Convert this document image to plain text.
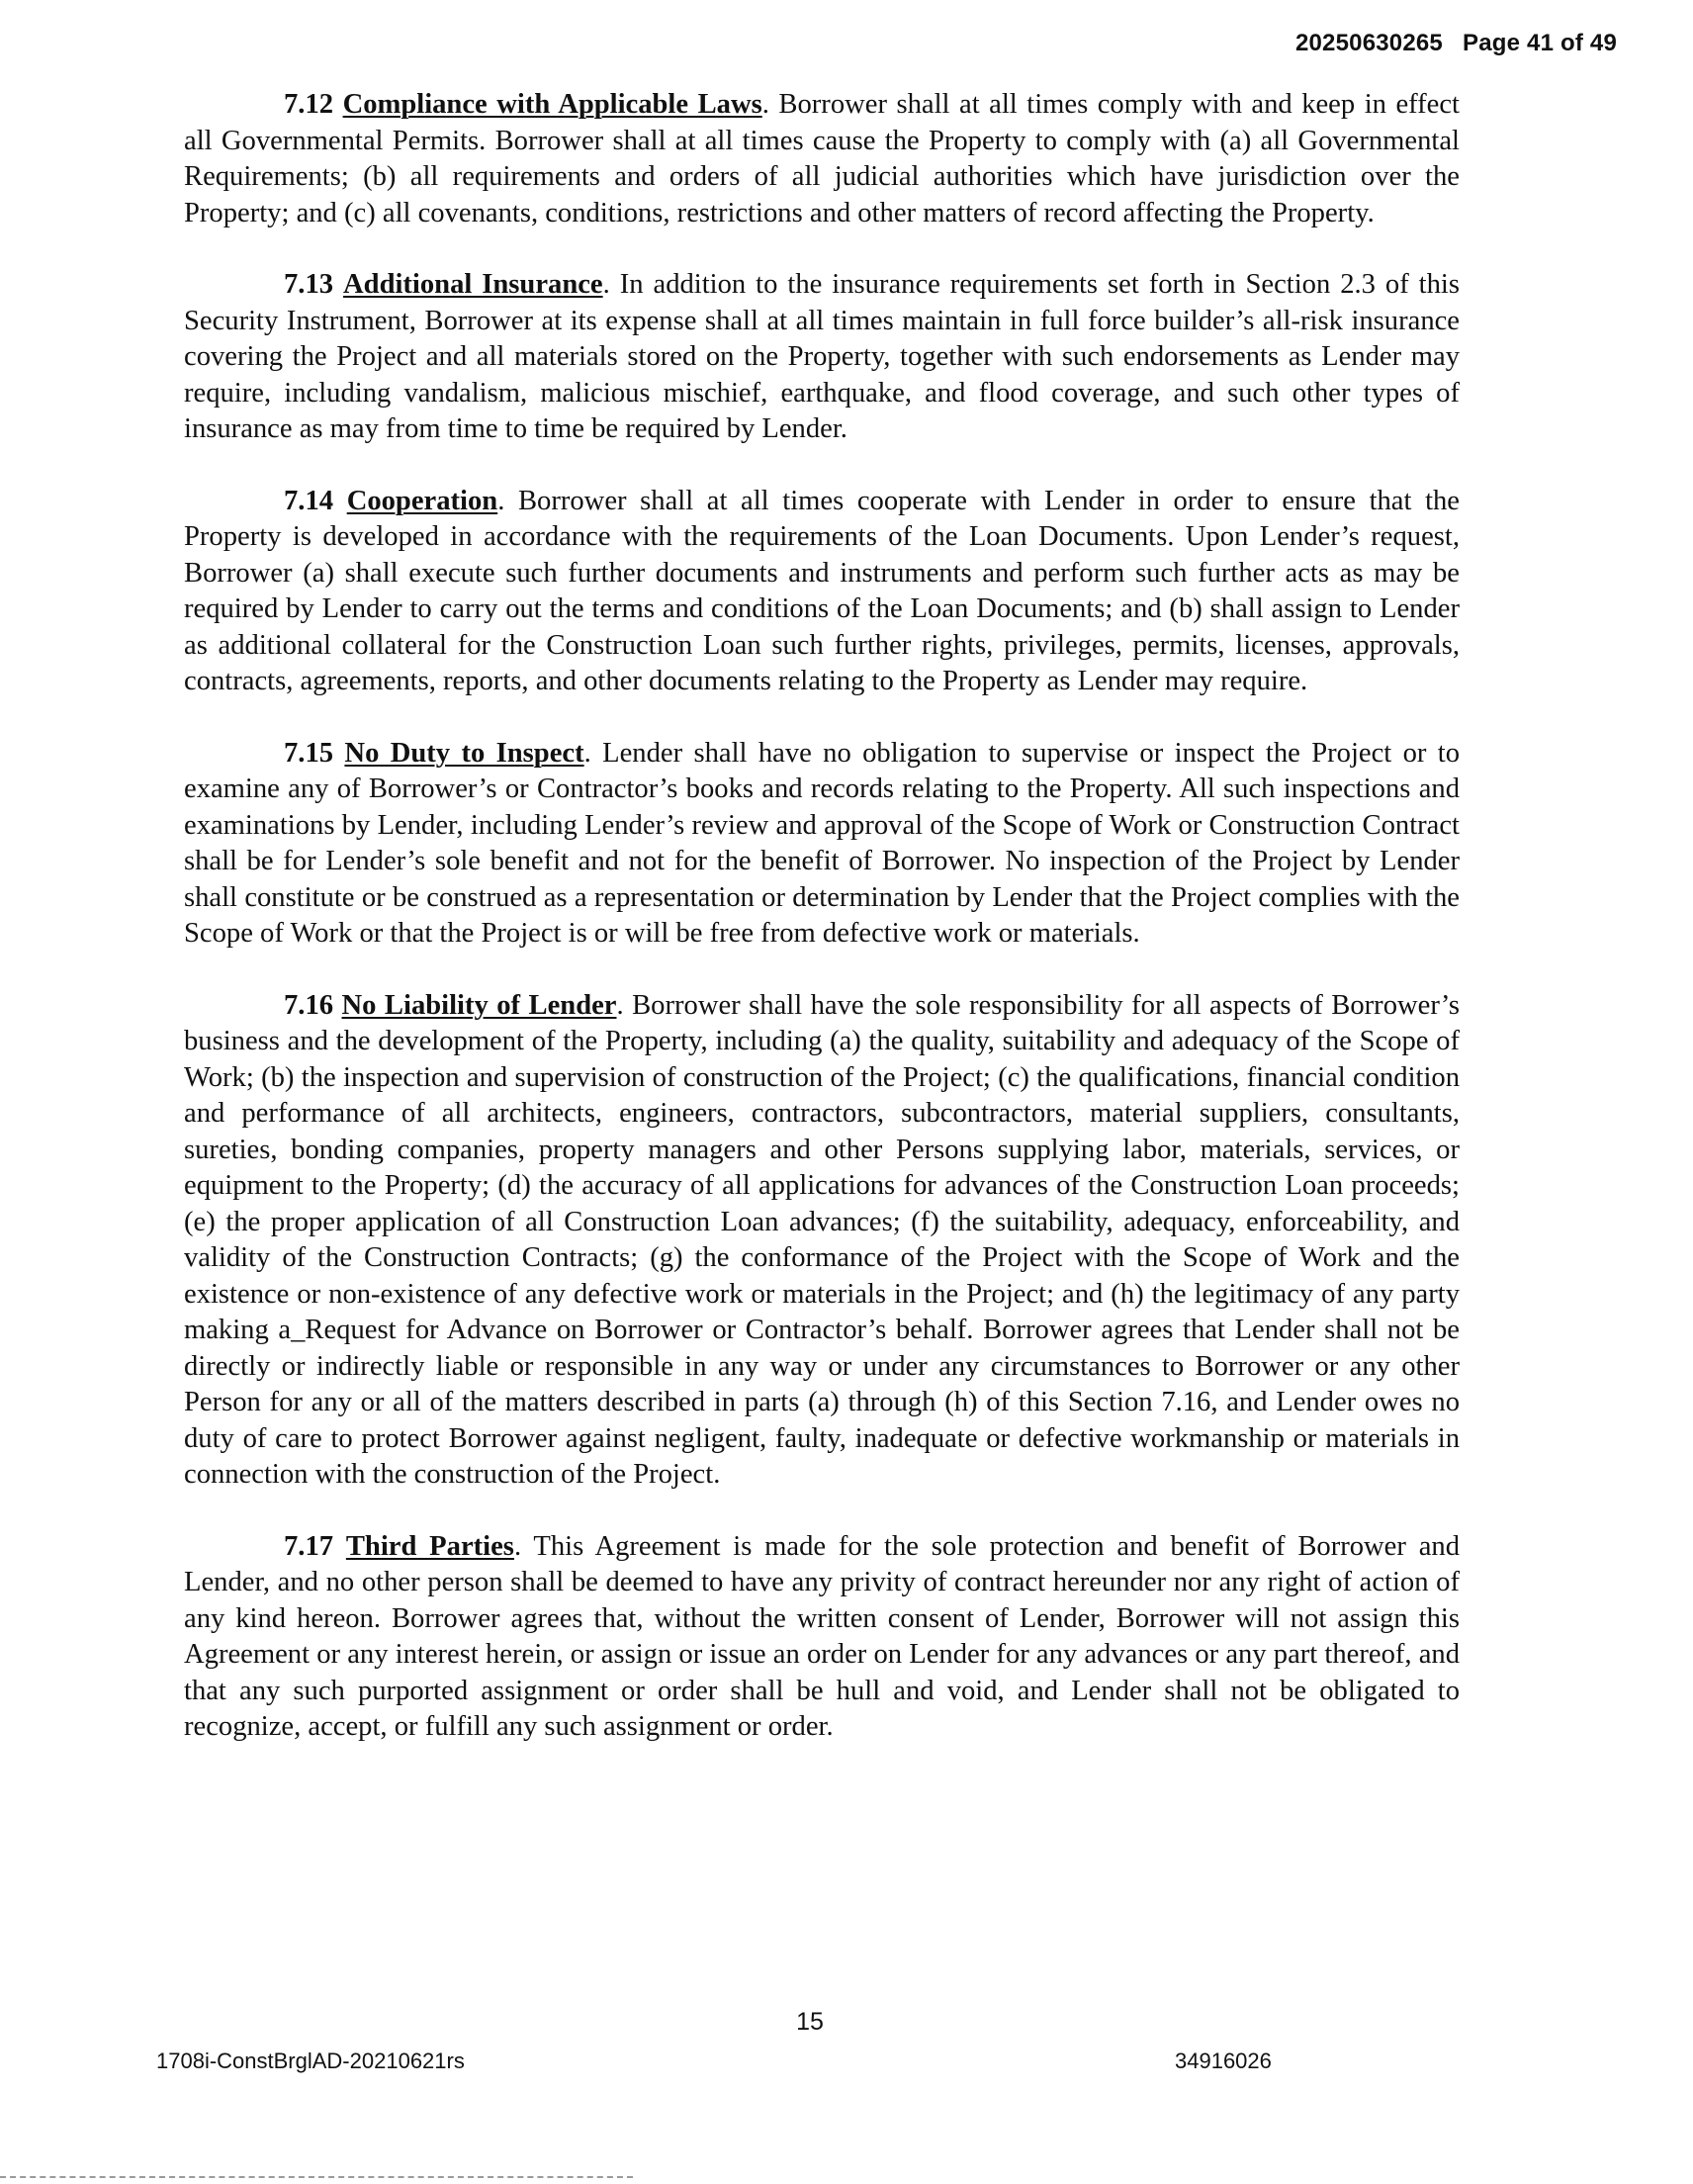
20250630265 Page 41 of 49

7.12 Compliance with Applicable Laws. Borrower shall at all times comply with and keep in effect all Governmental Permits. Borrower shall at all times cause the Property to comply with (a) all Governmental Requirements; (b) all requirements and orders of all judicial authorities which have jurisdiction over the Property; and (c) all covenants, conditions, restrictions and other matters of record affecting the Property.

7.13 Additional Insurance. In addition to the insurance requirements set forth in Section 2.3 of this Security Instrument, Borrower at its expense shall at all times maintain in full force builder’s all-risk insurance covering the Project and all materials stored on the Property, together with such endorsements as Lender may require, including vandalism, malicious mischief, earthquake, and flood coverage, and such other types of insurance as may from time to time be required by Lender.

7.14 Cooperation. Borrower shall at all times cooperate with Lender in order to ensure that the Property is developed in accordance with the requirements of the Loan Documents. Upon Lender’s request, Borrower (a) shall execute such further documents and instruments and perform such further acts as may be required by Lender to carry out the terms and conditions of the Loan Documents; and (b) shall assign to Lender as additional collateral for the Construction Loan such further rights, privileges, permits, licenses, approvals, contracts, agreements, reports, and other documents relating to the Property as Lender may require.

7.15 No Duty to Inspect. Lender shall have no obligation to supervise or inspect the Project or to examine any of Borrower’s or Contractor’s books and records relating to the Property. All such inspections and examinations by Lender, including Lender’s review and approval of the Scope of Work or Construction Contract shall be for Lender’s sole benefit and not for the benefit of Borrower. No inspection of the Project by Lender shall constitute or be construed as a representation or determination by Lender that the Project complies with the Scope of Work or that the Project is or will be free from defective work or materials.

7.16 No Liability of Lender. Borrower shall have the sole responsibility for all aspects of Borrower’s business and the development of the Property, including (a) the quality, suitability and adequacy of the Scope of Work; (b) the inspection and supervision of construction of the Project; (c) the qualifications, financial condition and performance of all architects, engineers, contractors, subcontractors, material suppliers, consultants, sureties, bonding companies, property managers and other Persons supplying labor, materials, services, or equipment to the Property; (d) the accuracy of all applications for advances of the Construction Loan proceeds; (e) the proper application of all Construction Loan advances; (f) the suitability, adequacy, enforceability, and validity of the Construction Contracts; (g) the conformance of the Project with the Scope of Work and the existence or non-existence of any defective work or materials in the Project; and (h) the legitimacy of any party making a_Request for Advance on Borrower or Contractor’s behalf. Borrower agrees that Lender shall not be directly or indirectly liable or responsible in any way or under any circumstances to Borrower or any other Person for any or all of the matters described in parts (a) through (h) of this Section 7.16, and Lender owes no duty of care to protect Borrower against negligent, faulty, inadequate or defective workmanship or materials in connection with the construction of the Project.

7.17 Third Parties. This Agreement is made for the sole protection and benefit of Borrower and Lender, and no other person shall be deemed to have any privity of contract hereunder nor any right of action of any kind hereon. Borrower agrees that, without the written consent of Lender, Borrower will not assign this Agreement or any interest herein, or assign or issue an order on Lender for any advances or any part thereof, and that any such purported assignment or order shall be hull and void, and Lender shall not be obligated to recognize, accept, or fulfill any such assignment or order.

15
1708i-ConstBrglAD-20210621rs	34916026
